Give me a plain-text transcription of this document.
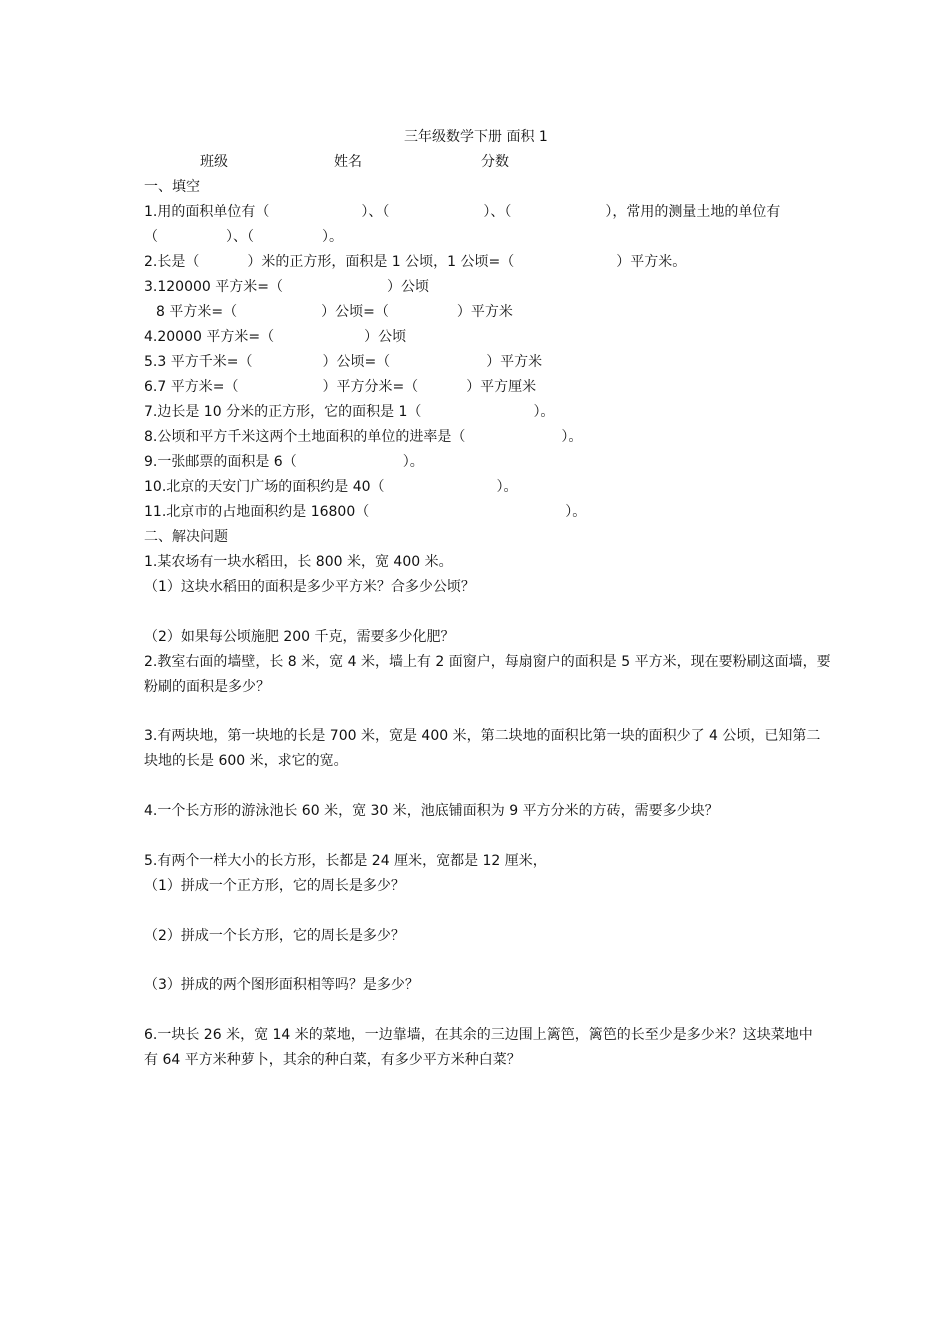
三年级数学下册 面积 1
班级	姓名	分数
一、填空
1.用的面积单位有（	）、（	）、（	），常用的测量土地的单位有
（	）、（	）。
2.长是（	）米的正方形，面积是 1 公顷，1 公顷=（	）平方米。
3.120000 平方米=（	）公顷
8 平方米=（	）公顷=（	）平方米
4.20000 平方米=（	）公顷
5.3 平方千米=（	）公顷=（	）平方米
6.7 平方米=（	）平方分米=（	）平方厘米
7.边长是 10 分米的正方形，它的面积是 1（	）。
8.公顷和平方千米这两个土地面积的单位的进率是（	）。
9.一张邮票的面积是 6（	）。
10.北京的天安门广场的面积约是 40（	）。
11.北京市的占地面积约是 16800（	）。
二、解决问题
1.某农场有一块水稻田，长 800 米，宽 400 米。
（1）这块水稻田的面积是多少平方米？合多少公顷？
（2）如果每公顷施肥 200 千克，需要多少化肥？
2.教室右面的墙壁，长 8 米，宽 4 米，墙上有 2 面窗户，每扇窗户的面积是 5 平方米，现在要粉刷这面墙，要
粉刷的面积是多少？
3.有两块地，第一块地的长是 700 米，宽是 400 米，第二块地的面积比第一块的面积少了 4 公顷，已知第二
块地的长是 600 米，求它的宽。
4.一个长方形的游泳池长 60 米，宽 30 米，池底铺面积为 9 平方分米的方砖，需要多少块？
5.有两个一样大小的长方形，长都是 24 厘米，宽都是 12 厘米，
（1）拼成一个正方形，它的周长是多少？
（2）拼成一个长方形，它的周长是多少？
（3）拼成的两个图形面积相等吗？是多少？
6.一块长 26 米，宽 14 米的菜地，一边靠墙，在其余的三边围上篱笆，篱笆的长至少是多少米？这块菜地中
有 64 平方米种萝卜，其余的种白菜，有多少平方米种白菜？
